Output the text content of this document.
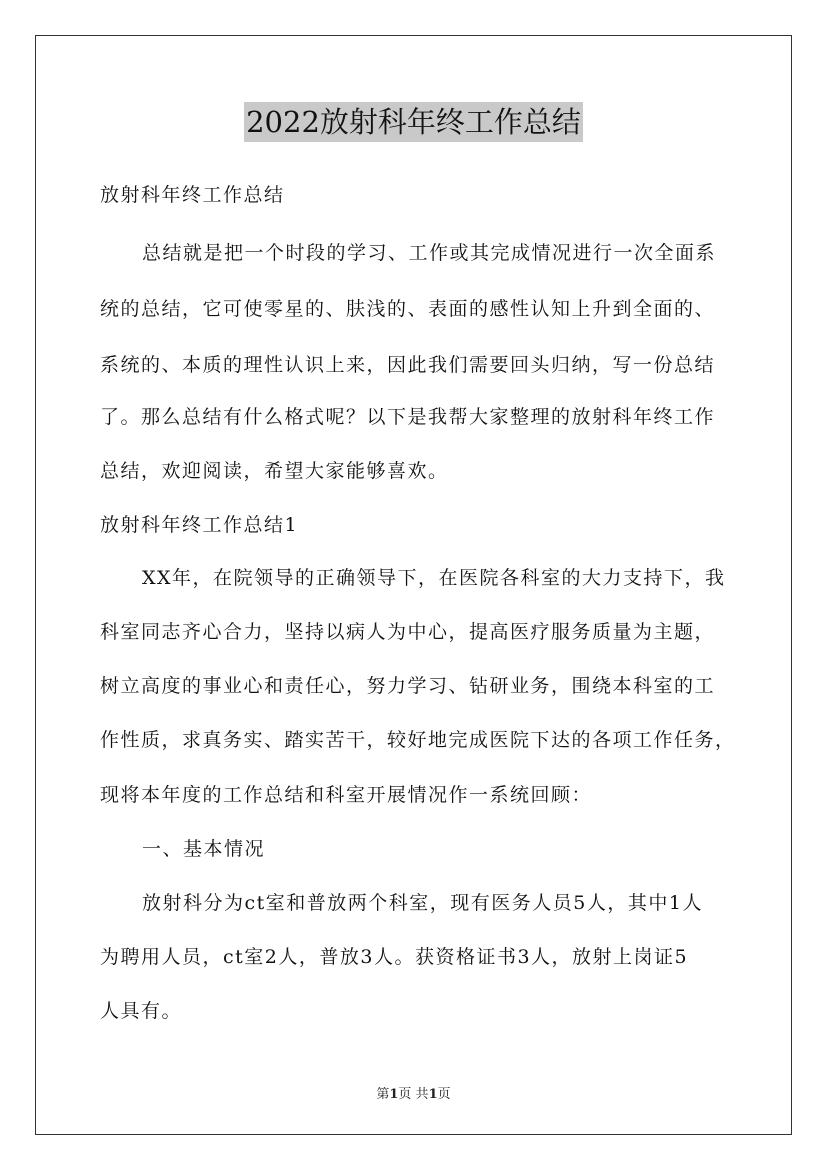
2022放射科年终工作总结
放射科年终工作总结
总结就是把一个时段的学习、工作或其完成情况进行一次全面系
统的总结，它可使零星的、肤浅的、表面的感性认知上升到全面的、
系统的、本质的理性认识上来，因此我们需要回头归纳，写一份总结
了。那么总结有什么格式呢？以下是我帮大家整理的放射科年终工作
总结，欢迎阅读，希望大家能够喜欢。
放射科年终工作总结1
XX年，在院领导的正确领导下，在医院各科室的大力支持下，我
科室同志齐心合力，坚持以病人为中心，提高医疗服务质量为主题，
树立高度的事业心和责任心，努力学习、钻研业务，围绕本科室的工
作性质，求真务实、踏实苦干，较好地完成医院下达的各项工作任务，
现将本年度的工作总结和科室开展情况作一系统回顾：
一、基本情况
放射科分为ct室和普放两个科室，现有医务人员5人，其中1人
为聘用人员，ct室2人，普放3人。获资格证书3人，放射上岗证5
人具有。
第1页 共1页
